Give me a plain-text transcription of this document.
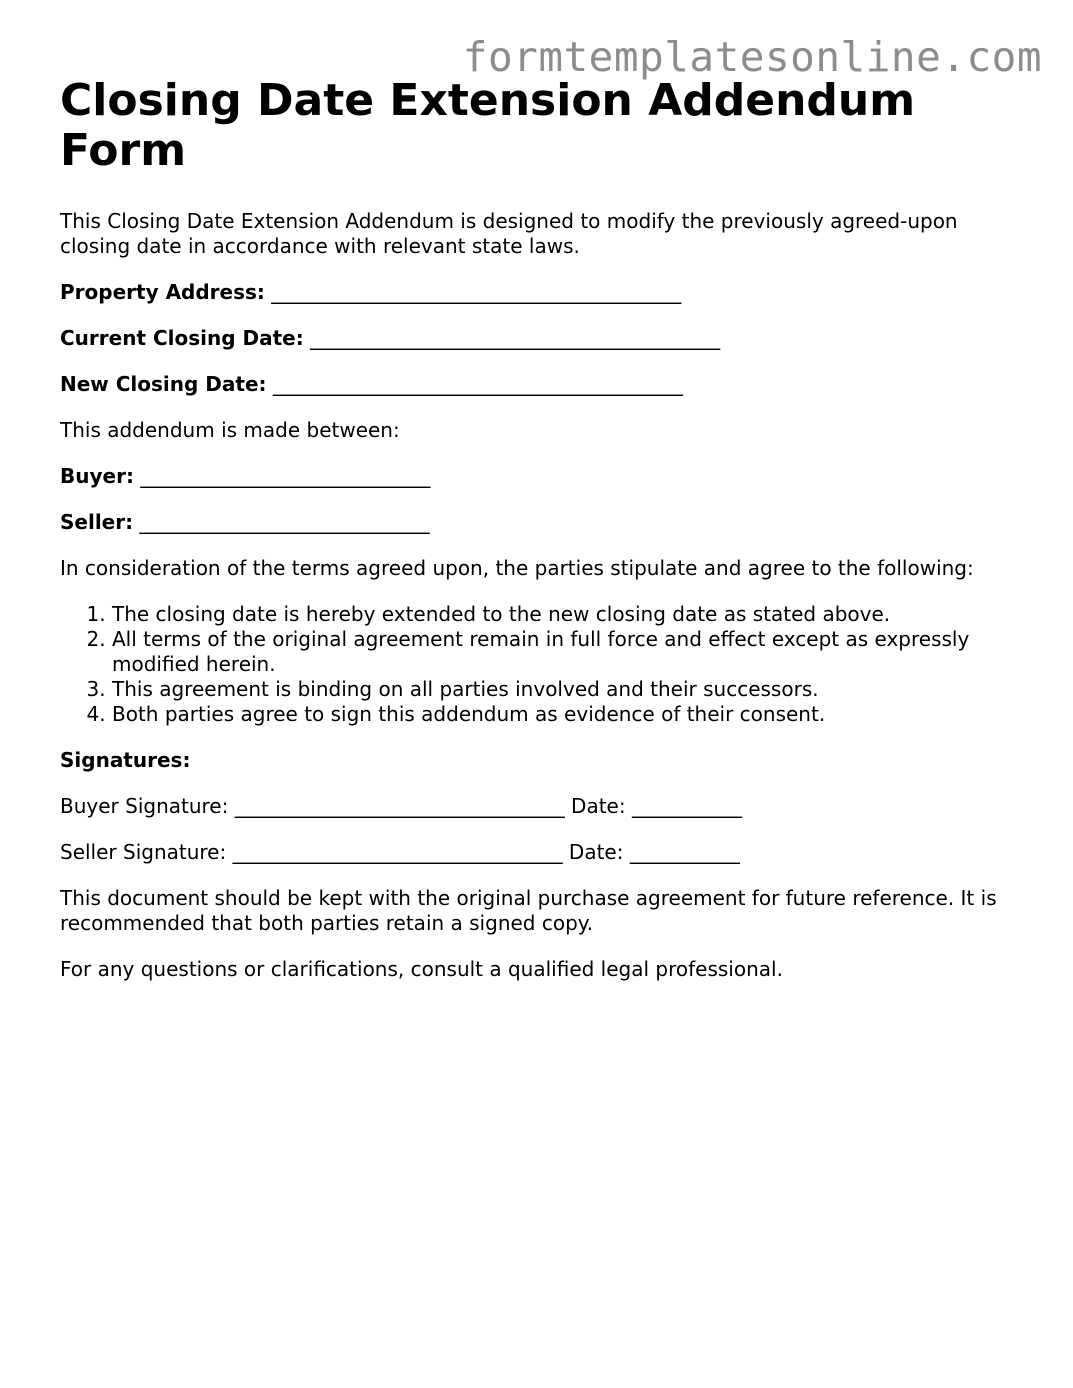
formtemplatesonline.com
Closing Date Extension Addendum Form

This Closing Date Extension Addendum is designed to modify the previously agreed-upon closing date in accordance with relevant state laws.

Property Address: _________________________________________

Current Closing Date: _________________________________________

New Closing Date: _________________________________________

This addendum is made between:

Buyer: _____________________________

Seller: _____________________________

In consideration of the terms agreed upon, the parties stipulate and agree to the following:

1. The closing date is hereby extended to the new closing date as stated above.
2. All terms of the original agreement remain in full force and effect except as expressly modified herein.
3. This agreement is binding on all parties involved and their successors.
4. Both parties agree to sign this addendum as evidence of their consent.

Signatures:

Buyer Signature: _________________________________ Date: ___________

Seller Signature: _________________________________ Date: ___________

This document should be kept with the original purchase agreement for future reference. It is recommended that both parties retain a signed copy.

For any questions or clarifications, consult a qualified legal professional.
